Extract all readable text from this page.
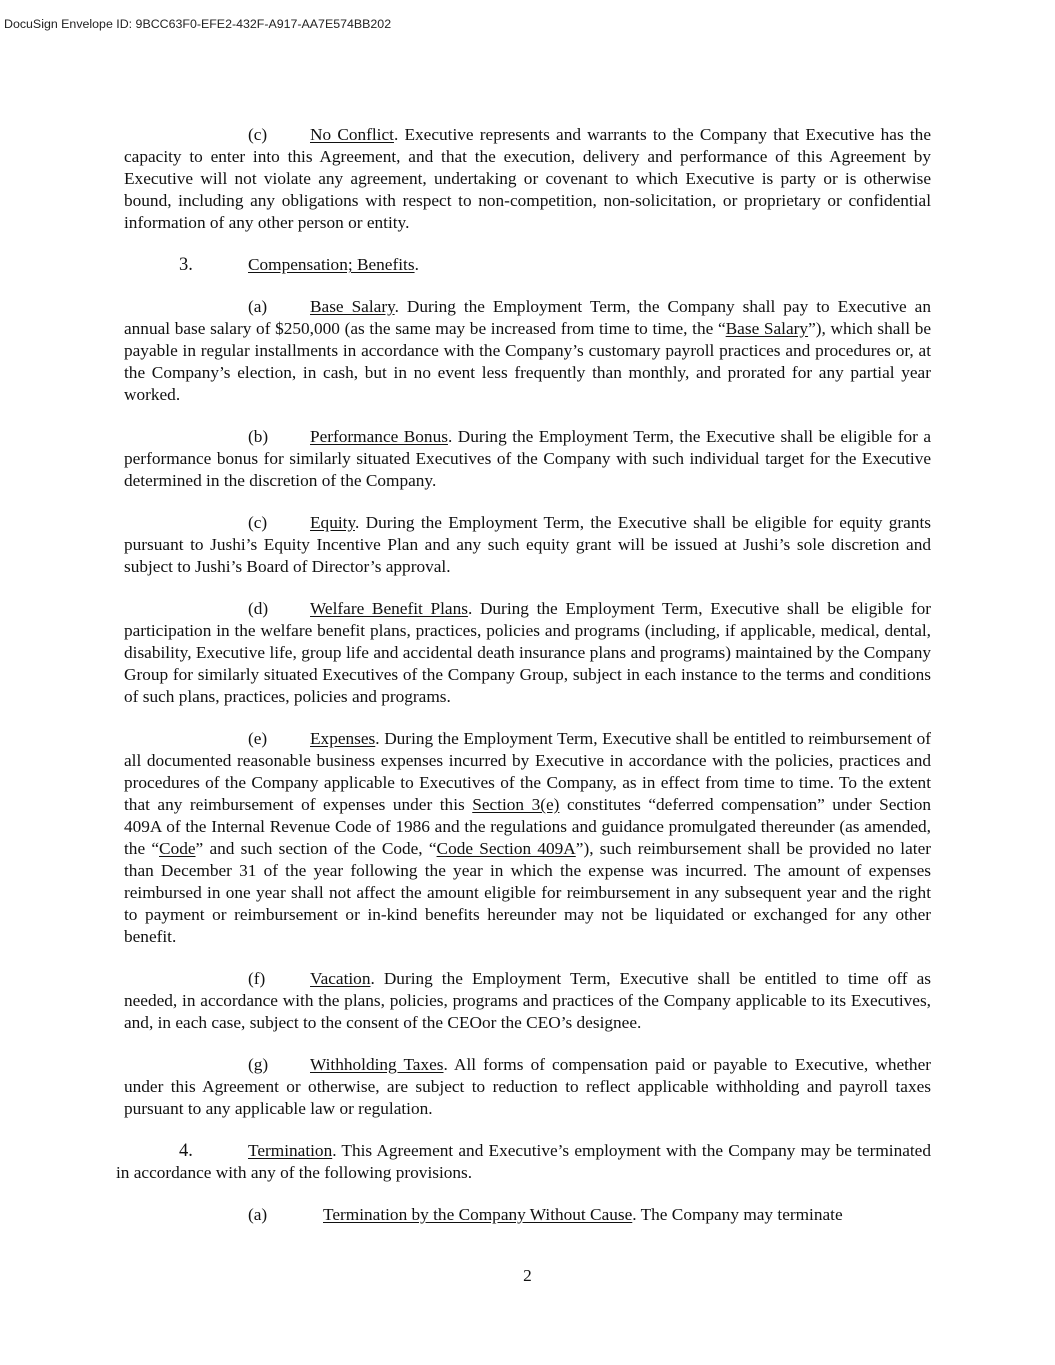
DocuSign Envelope ID: 9BCC63F0-EFE2-432F-A917-AA7E574BB202

(c) No Conflict. Executive represents and warrants to the Company that Executive has the capacity to enter into this Agreement, and that the execution, delivery and performance of this Agreement by Executive will not violate any agreement, undertaking or covenant to which Executive is party or is otherwise bound, including any obligations with respect to non-competition, non-solicitation, or proprietary or confidential information of any other person or entity.

3.	Compensation; Benefits.

(a) Base Salary. During the Employment Term, the Company shall pay to Executive an annual base salary of $250,000 (as the same may be increased from time to time, the “Base Salary”), which shall be payable in regular installments in accordance with the Company’s customary payroll practices and procedures or, at the Company’s election, in cash, but in no event less frequently than monthly, and prorated for any partial year worked.

(b) Performance Bonus. During the Employment Term, the Executive shall be eligible for a performance bonus for similarly situated Executives of the Company with such individual target for the Executive determined in the discretion of the Company.

(c) Equity. During the Employment Term, the Executive shall be eligible for equity grants pursuant to Jushi’s Equity Incentive Plan and any such equity grant will be issued at Jushi’s sole discretion and subject to Jushi’s Board of Director’s approval.

(d) Welfare Benefit Plans. During the Employment Term, Executive shall be eligible for participation in the welfare benefit plans, practices, policies and programs (including, if applicable, medical, dental, disability, Executive life, group life and accidental death insurance plans and programs) maintained by the Company Group for similarly situated Executives of the Company Group, subject in each instance to the terms and conditions of such plans, practices, policies and programs.

(e) Expenses. During the Employment Term, Executive shall be entitled to reimbursement of all documented reasonable business expenses incurred by Executive in accordance with the policies, practices and procedures of the Company applicable to Executives of the Company, as in effect from time to time. To the extent that any reimbursement of expenses under this Section 3(e) constitutes “deferred compensation” under Section 409A of the Internal Revenue Code of 1986 and the regulations and guidance promulgated thereunder (as amended, the “Code” and such section of the Code, “Code Section 409A”), such reimbursement shall be provided no later than December 31 of the year following the year in which the expense was incurred. The amount of expenses reimbursed in one year shall not affect the amount eligible for reimbursement in any subsequent year and the right to payment or reimbursement or in-kind benefits hereunder may not be liquidated or exchanged for any other benefit.

(f)	Vacation. During the Employment Term, Executive shall be entitled to time off as needed, in accordance with the plans, policies, programs and practices of the Company applicable to its Executives, and, in each case, subject to the consent of the CEOor the CEO’s designee.

(g) Withholding Taxes. All forms of compensation paid or payable to Executive, whether under this Agreement or otherwise, are subject to reduction to reflect applicable withholding and payroll taxes pursuant to any applicable law or regulation.

4.	Termination. This Agreement and Executive’s employment with the Company may be terminated in accordance with any of the following provisions.

(a)	Termination by the Company Without Cause. The Company may terminate

2
